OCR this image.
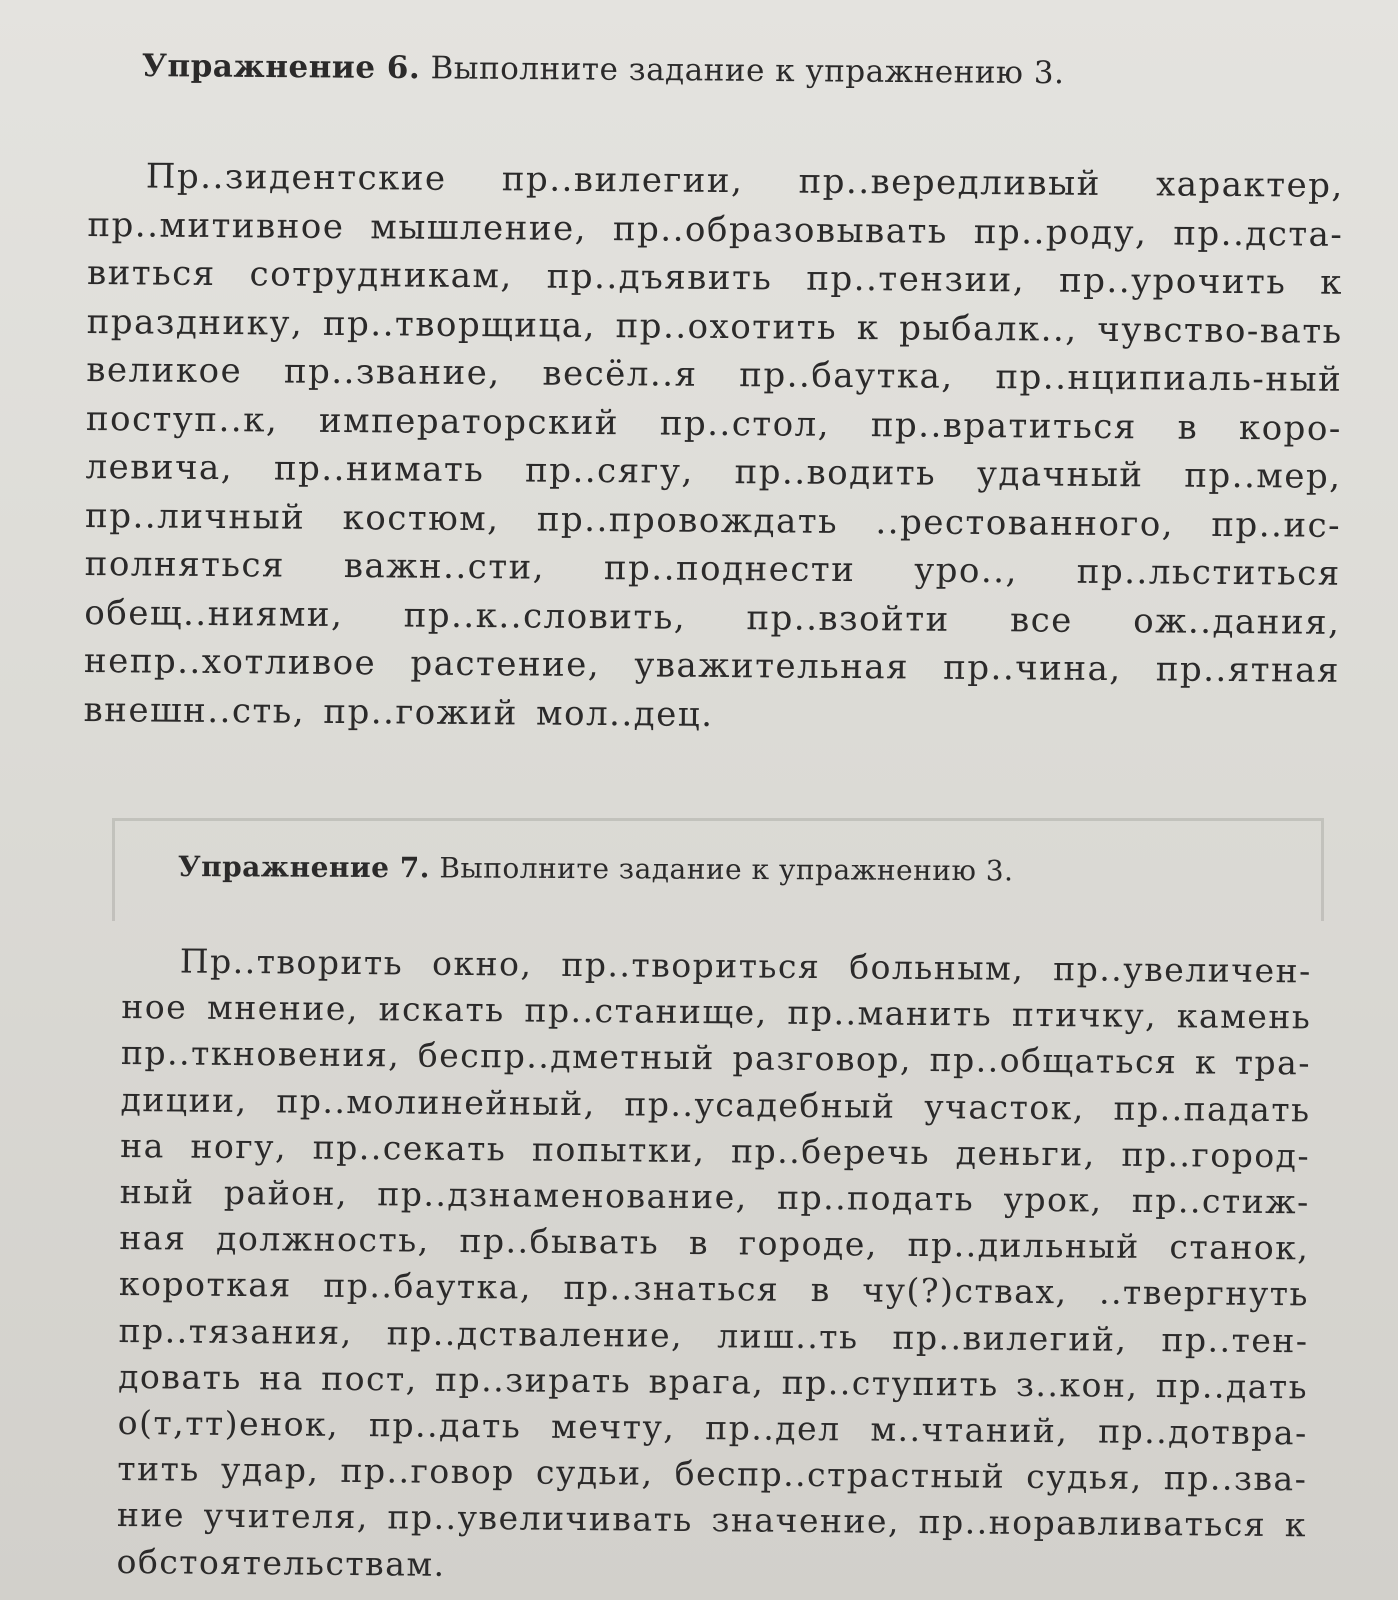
Упражнение 6. Выполните задание к упражнению 3.

Пр..зидентские пр..вилегии, пр..вередливый характер, пр..митивное мышление, пр..образовывать пр..роду, пр..дста-виться сотрудникам, пр..дъявить пр..тензии, пр..урочить к празднику, пр..творщица, пр..охотить к рыбалк.., чувство-вать великое пр..звание, весёл..я пр..баутка, пр..нципиаль-ный поступ..к, императорский пр..стол, пр..вратиться в коро-левича, пр..нимать пр..сягу, пр..водить удачный пр..мер, пр..личный костюм, пр..провождать ..рестованного, пр..ис-полняться важн..сти, пр..поднести уро.., пр..льститься обещ..ниями, пр..к..словить, пр..взойти все ож..дания, непр..хотливое растение, уважительная пр..чина, пр..ятная внешн..сть, пр..гожий мол..дец.

Упражнение 7. Выполните задание к упражнению 3.

Пр..творить окно, пр..твориться больным, пр..увеличен-ное мнение, искать пр..станище, пр..манить птичку, камень пр..ткновения, беспр..дметный разговор, пр..общаться к тра-диции, пр..молинейный, пр..усадебный участок, пр..падать на ногу, пр..секать попытки, пр..беречь деньги, пр..город-ный район, пр..дзнаменование, пр..подать урок, пр..стиж-ная должность, пр..бывать в городе, пр..дильный станок, короткая пр..баутка, пр..знаться в чу(?)ствах, ..твергнуть пр..тязания, пр..дстваление, лиш..ть пр..вилегий, пр..тен-довать на пост, пр..зирать врага, пр..ступить з..кон, пр..дать о(т,тт)енок, пр..дать мечту, пр..дел м..чтаний, пр..дотвра-тить удар, пр..говор судьи, беспр..страстный судья, пр..зва-ние учителя, пр..увеличивать значение, пр..норавливаться к обстоятельствам.
